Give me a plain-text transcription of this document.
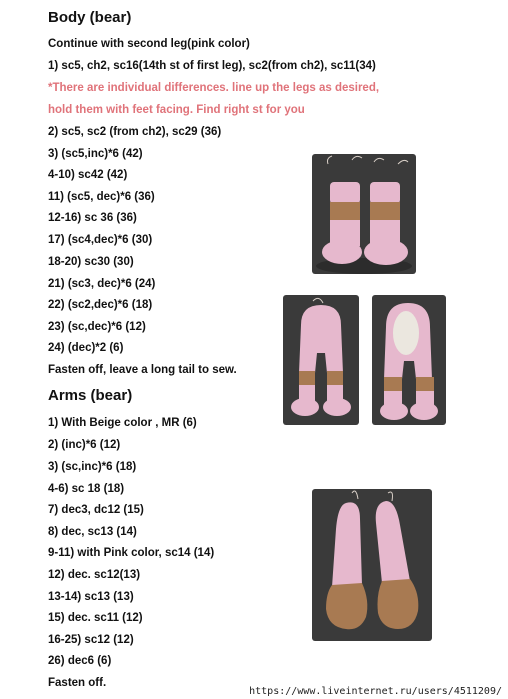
Body (bear)
Continue with second leg(pink color)
1) sc5, ch2, sc16(14th st of first leg), sc2(from ch2), sc11(34)
*There are individual differences. line up the legs as desired,
hold them with feet facing. Find right st for you
2) sc5, sc2 (from ch2), sc29 (36)
3) (sc5,inc)*6 (42)
4-10) sc42 (42)
11) (sc5, dec)*6 (36)
12-16) sc 36 (36)
17) (sc4,dec)*6 (30)
18-20) sc30 (30)
21) (sc3, dec)*6 (24)
22) (sc2,dec)*6 (18)
23) (sc,dec)*6 (12)
24) (dec)*2 (6)
Fasten off, leave a long tail to sew.
Arms (bear)
1) With Beige color , MR (6)
2) (inc)*6 (12)
3) (sc,inc)*6 (18)
4-6) sc 18 (18)
7) dec3, dc12 (15)
8) dec, sc13 (14)
9-11) with Pink color, sc14 (14)
12) dec. sc12(13)
13-14) sc13 (13)
15) dec. sc11 (12)
16-25) sc12 (12)
26) dec6 (6)
Fasten off.
https://www.liveinternet.ru/users/4511209/
